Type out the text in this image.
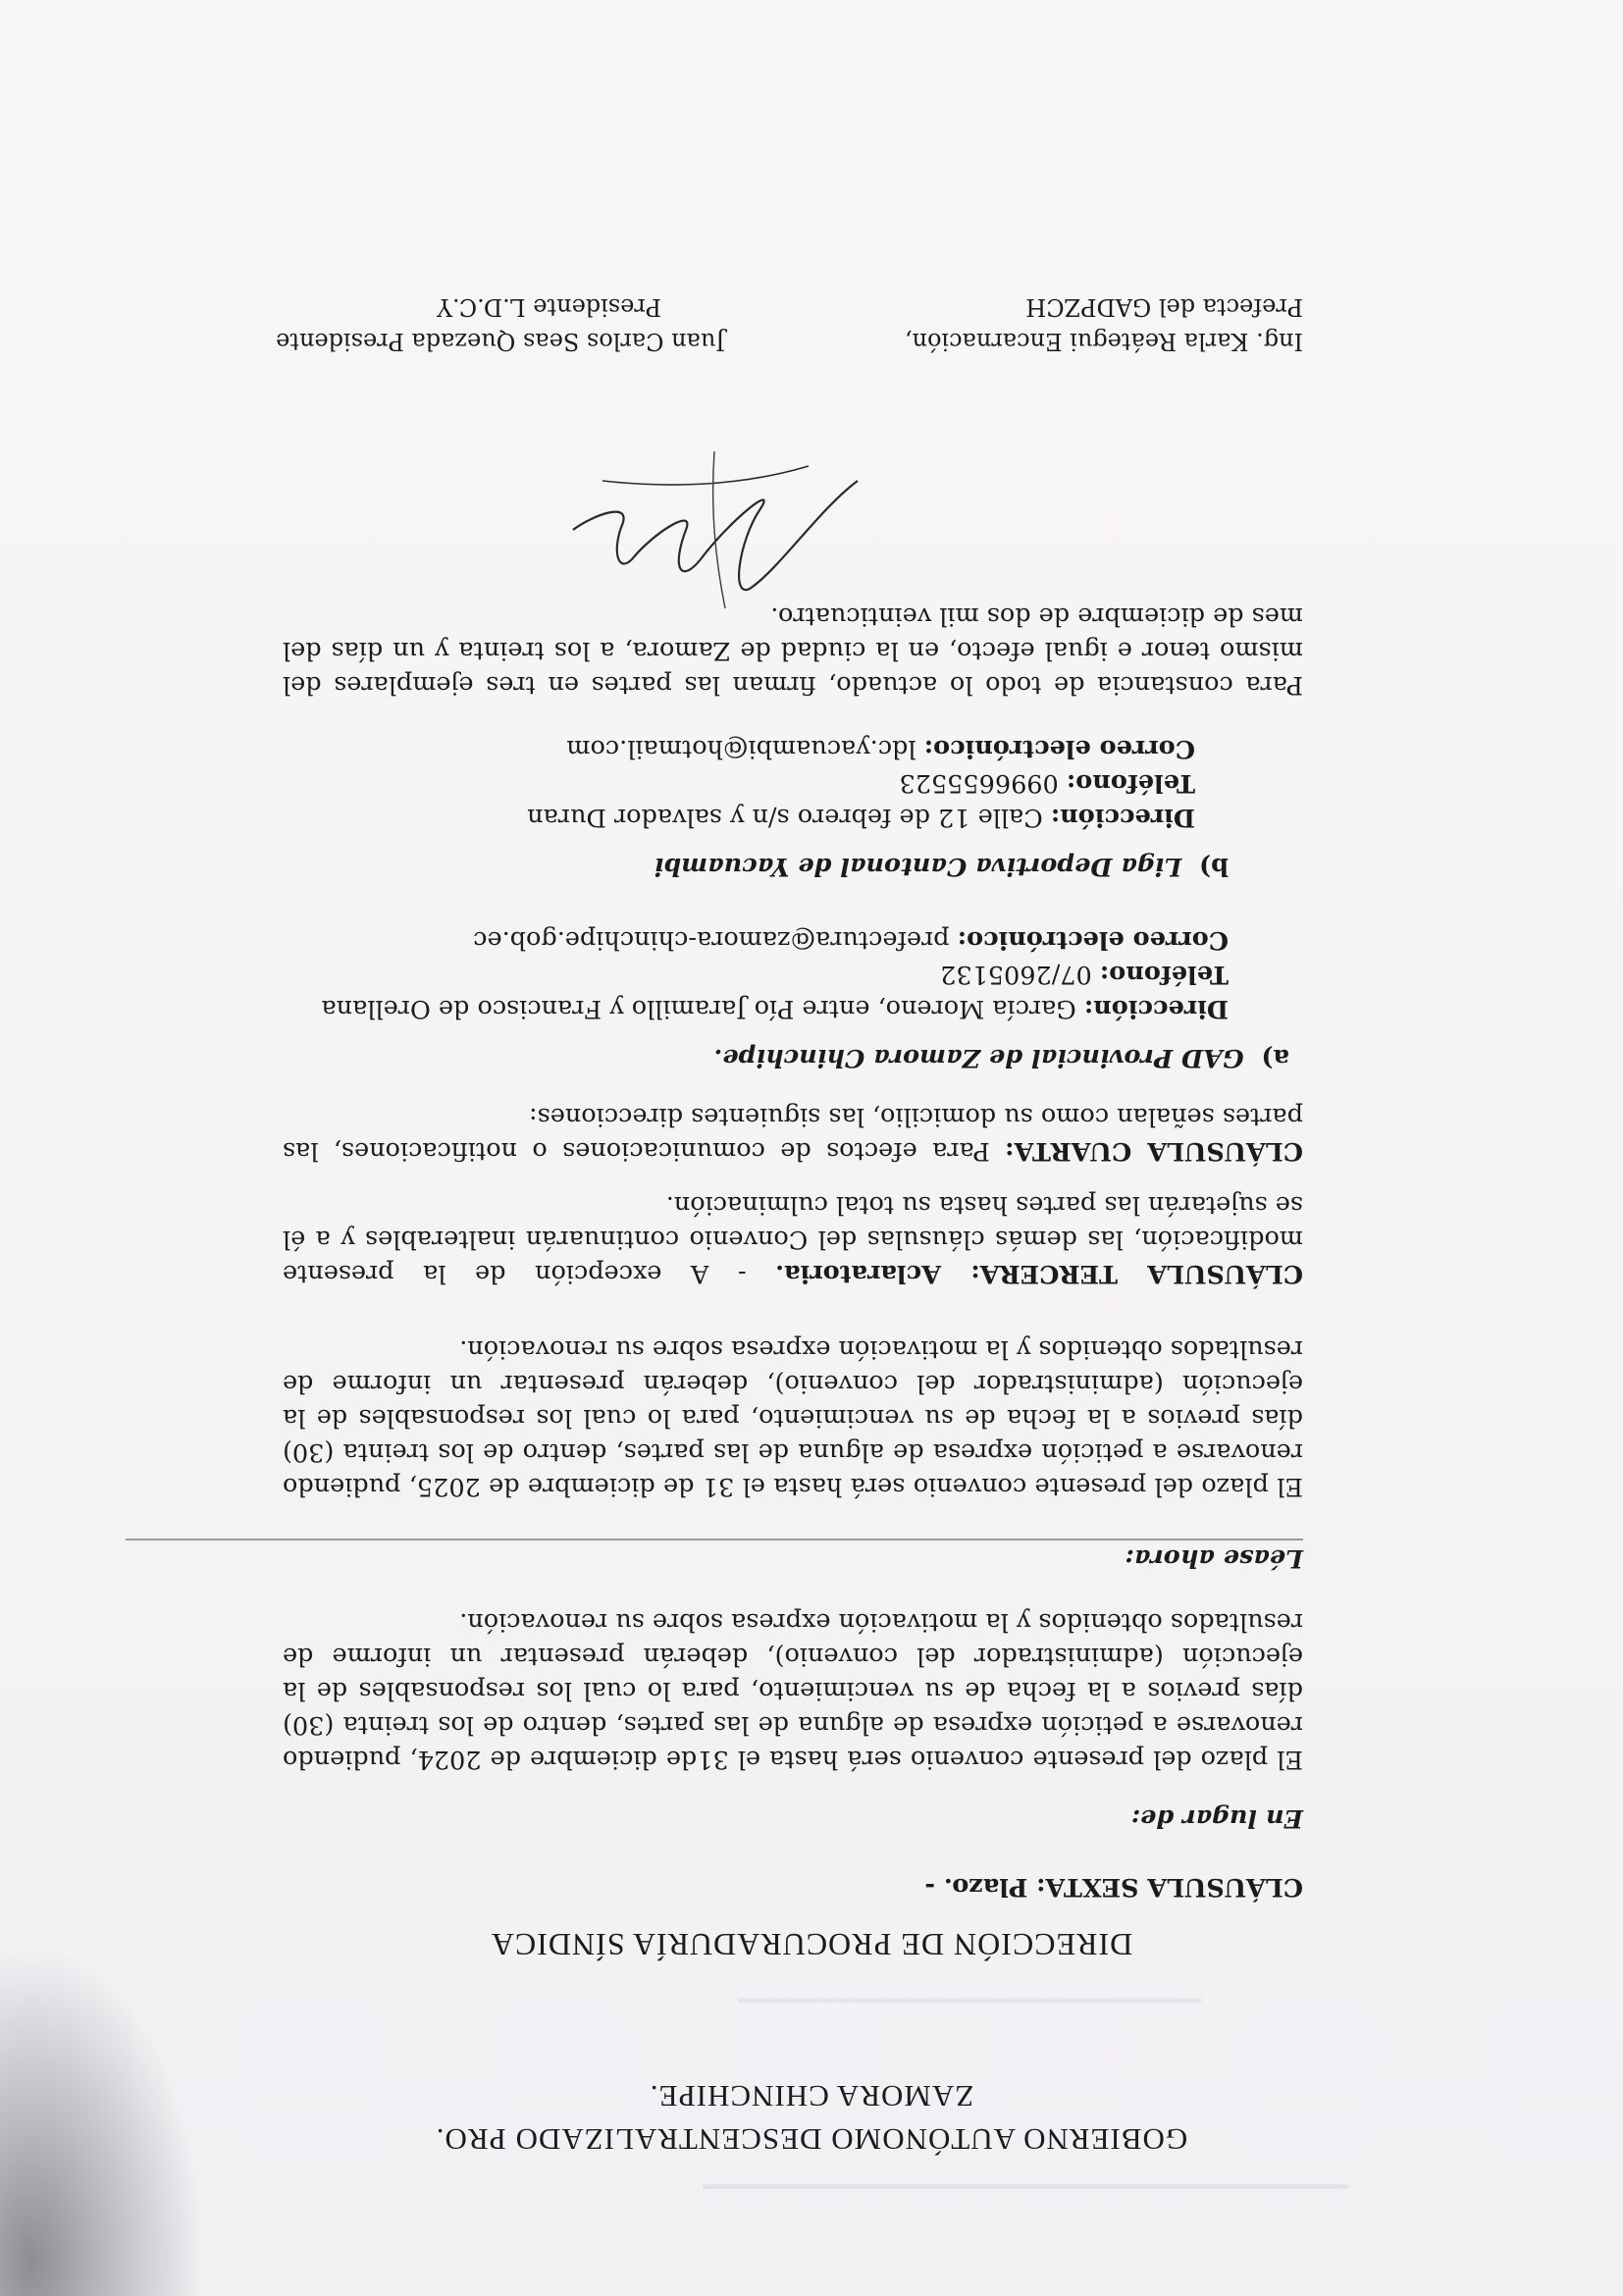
━━━━━━━━━━━━━━━━━━━━━━━━━━━━━━━━━━━━━━━
━━━━━━━━━━━━━━━━━━━━━━━━━━━━
GOBIERNO AUTÓNOMO DESCENTRALIZADO PRO.
ZAMORA CHINCHIPE.
DIRECCIÓN DE PROCURADURÍA SÍNDICA
CLÁUSULA SEXTA: Plazo. -
En lugar de:
El plazo del presente convenio será hasta el 31de diciembre de 2024, pudiendo renovarse a petición expresa de alguna de las partes, dentro de los treinta (30) días previos a la fecha de su vencimiento, para lo cual los responsables de la ejecución (administrador del convenio), deberán presentar un informe de resultados obtenidos y la motivación expresa sobre su renovación.
Léase ahora:
El plazo del presente convenio será hasta el 31 de diciembre de 2025, pudiendo renovarse a petición expresa de alguna de las partes, dentro de los treinta (30) días previos a la fecha de su vencimiento, para lo cual los responsables de la ejecución (administrador del convenio), deberán presentar un informe de resultados obtenidos y la motivación expresa sobre su renovación.
CLÁUSULA TERCERA: Aclaratoria. - A excepción de la presente modificación, las demás cláusulas del Convenio continuarán inalterables y a él se sujetarán las partes hasta su total culminación.
CLÁUSULA CUARTA: Para efectos de comunicaciones o notificaciones, las partes señalan como su domicilio, las siguientes direcciones:
a)  GAD Provincial de Zamora Chinchipe.
Dirección: García Moreno, entre Pío Jaramillo y Francisco de Orellana
Teléfono: 07/2605132
Correo electrónico: prefectura@zamora-chinchipe.gob.ec
b)  Liga Deportiva Cantonal de Yacuambi
Dirección: Calle 12 de febrero s/n y salvador Duran
Teléfono: 0996655523
Correo electrónico: ldc.yacuambi@hotmail.com
Para constancia de todo lo actuado, firman las partes en tres ejemplares del mismo tenor e igual efecto, en la ciudad de Zamora, a los treinta y un días del mes de diciembre de dos mil veinticuatro.
Ing. Karla Reátegui Encarnación,
Prefecta del GADPZCH
Juan Carlos Seas Quezada Presidente
Presidente L.D.C.Y
